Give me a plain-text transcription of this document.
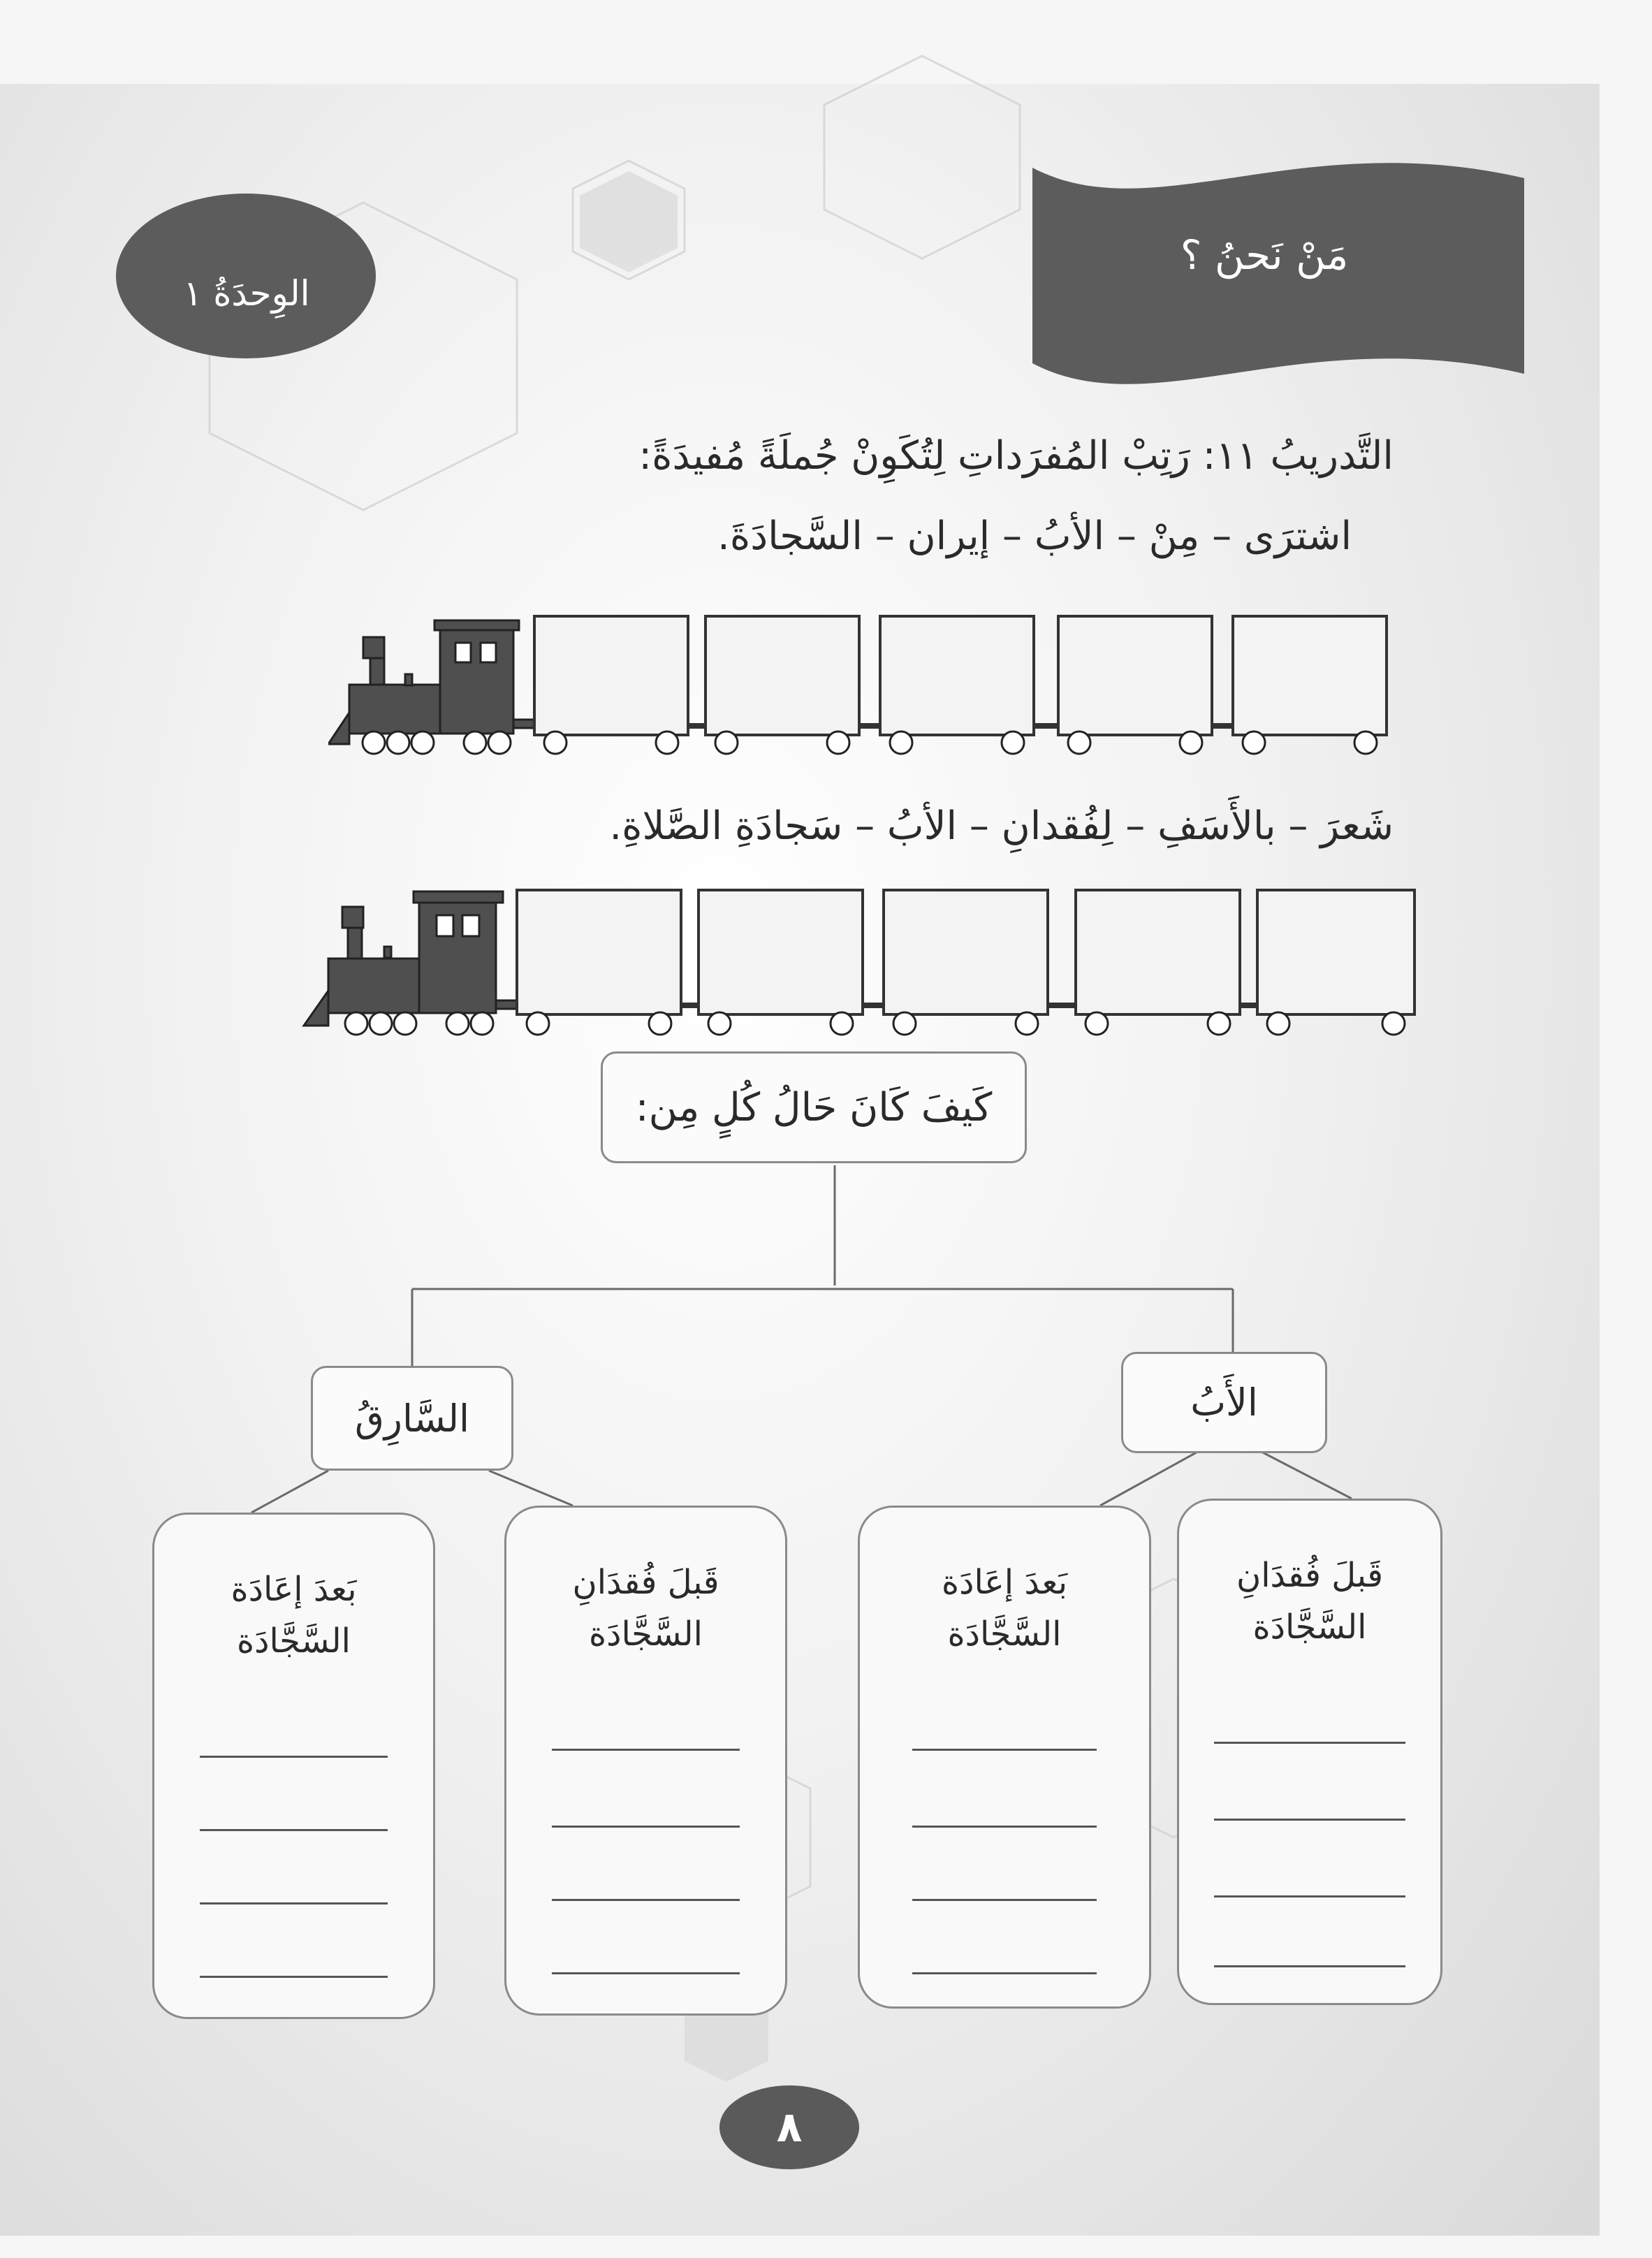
الوِحدَةُ ١
مَنْ نَحنُ ؟
التَّدريبُ ١١: رَتِبْ المُفرَداتِ لِتُكَوِنْ جُملَةً مُفيدَةً:
اشترَى – مِنْ – الأبُ – إيران – السَّجادَةَ.
شَعرَ – بالأَسَفِ – لِفُقدانِ – الأبُ – سَجادَةِ الصَّلاةِ.
كَيفَ كَانَ حَالُ كُلٍ مِن:
الأَبُ
السَّارِقُ
قَبلَ فُقدَانِ
السَّجَّادَة
بَعدَ إعَادَة
السَّجَّادَة
قَبلَ فُقدَانِ
السَّجَّادَة
بَعدَ إعَادَة
السَّجَّادَة
٨
